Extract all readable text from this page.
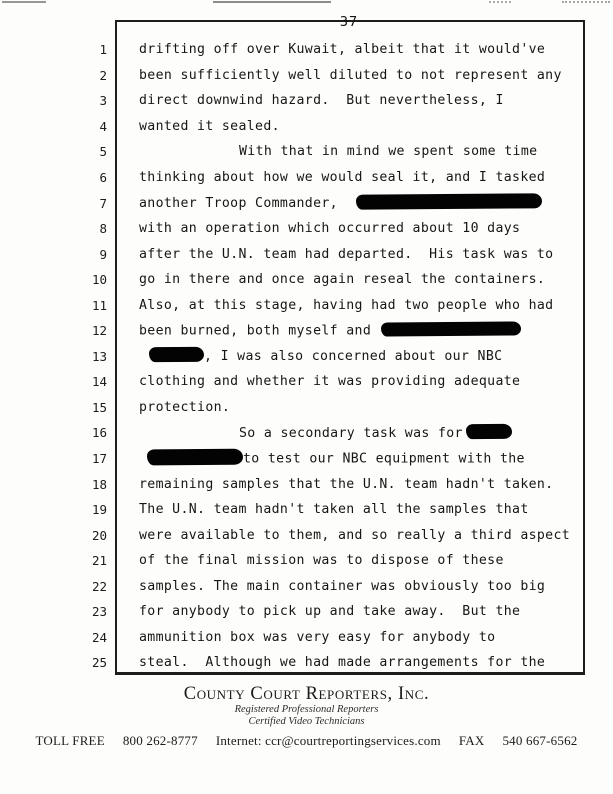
37
1	drifting off over Kuwait, albeit that it would've
2	been sufficiently well diluted to not represent any
3	direct downwind hazard.  But nevertheless, I
4	wanted it sealed.
5	With that in mind we spent some time
6	thinking about how we would seal it, and I tasked
7	another Troop Commander,
8	with an operation which occurred about 10 days
9	after the U.N. team had departed.  His task was to
10	go in there and once again reseal the containers.
11	Also, at this stage, having had two people who had
12	been burned, both myself and
13	, I was also concerned about our NBC
14	clothing and whether it was providing adequate
15	protection.
16	So a secondary task was for
17	to test our NBC equipment with the
18	remaining samples that the U.N. team hadn't taken.
19	The U.N. team hadn't taken all the samples that
20	were available to them, and so really a third aspect
21	of the final mission was to dispose of these
22	samples. The main container was obviously too big
23	for anybody to pick up and take away.  But the
24	ammunition box was very easy for anybody to
25	steal.  Although we had made arrangements for the
County Court Reporters, Inc.
Registered Professional Reporters
Certified Video Technicians
TOLL FREE 800 262-8777 Internet: ccr@courtreportingservices.com FAX 540 667-6562
